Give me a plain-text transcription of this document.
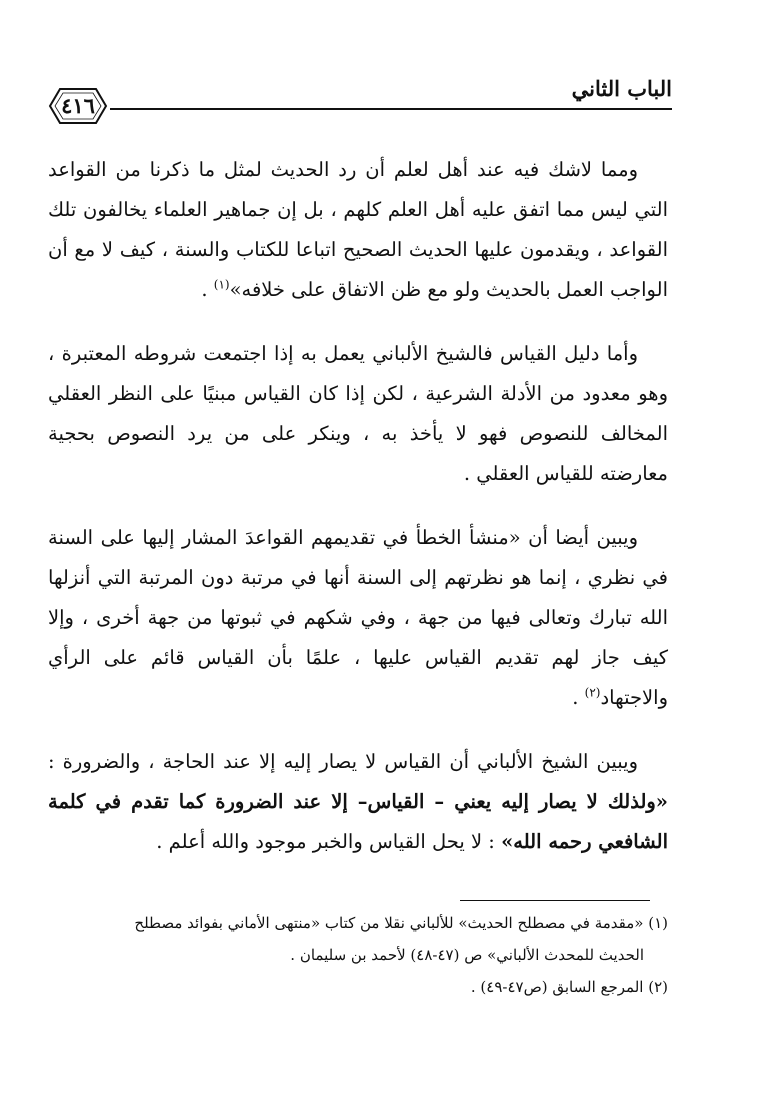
٤١٦
الباب الثاني

ومما لاشك فيه عند أهل لعلم أن رد الحديث لمثل ما ذكرنا من القواعد التي ليس مما اتفق عليه أهل العلم كلهم ، بل إن جماهير العلماء يخالفون تلك القواعد ، ويقدمون عليها الحديث الصحيح اتباعا للكتاب والسنة ، كيف لا مع أن الواجب العمل بالحديث ولو مع ظن الاتفاق على خلافه»$^{(١)}$ .

وأما دليل القياس فالشيخ الألباني يعمل به إذا اجتمعت شروطه المعتبرة ، وهو معدود من الأدلة الشرعية ، لكن إذا كان القياس مبنيًا على النظر العقلي المخالف للنصوص فهو لا يأخذ به ، وينكر على من يرد النصوص بحجية معارضته للقياس العقلي .

ويبين أيضا أن «منشأ الخطأ في تقديمهم القواعدَ المشار إليها على السنة في نظري ، إنما هو نظرتهم إلى السنة أنها في مرتبة دون المرتبة التي أنزلها الله تبارك وتعالى فيها من جهة ، وفي شكهم في ثبوتها من جهة أخرى ، وإلا كيف جاز لهم تقديم القياس عليها ، علمًا بأن القياس قائم على الرأي والاجتهاد$^{(٢)}$ .

ويبين الشيخ الألباني أن القياس لا يصار إليه إلا عند الحاجة ، والضرورة : «ولذلك لا يصار إليه يعني – القياس– إلا عند الضرورة كما تقدم في كلمة الشافعي رحمه الله» : لا يحل القياس والخبر موجود والله أعلم .

(١) «مقدمة في مصطلح الحديث» للألباني نقلا من كتاب «منتهى الأماني بفوائد مصطلح

الحديث للمحدث الألباني» ص (٤٧-٤٨) لأحمد بن سليمان .

(٢) المرجع السابق (ص٤٧-٤٩) .
